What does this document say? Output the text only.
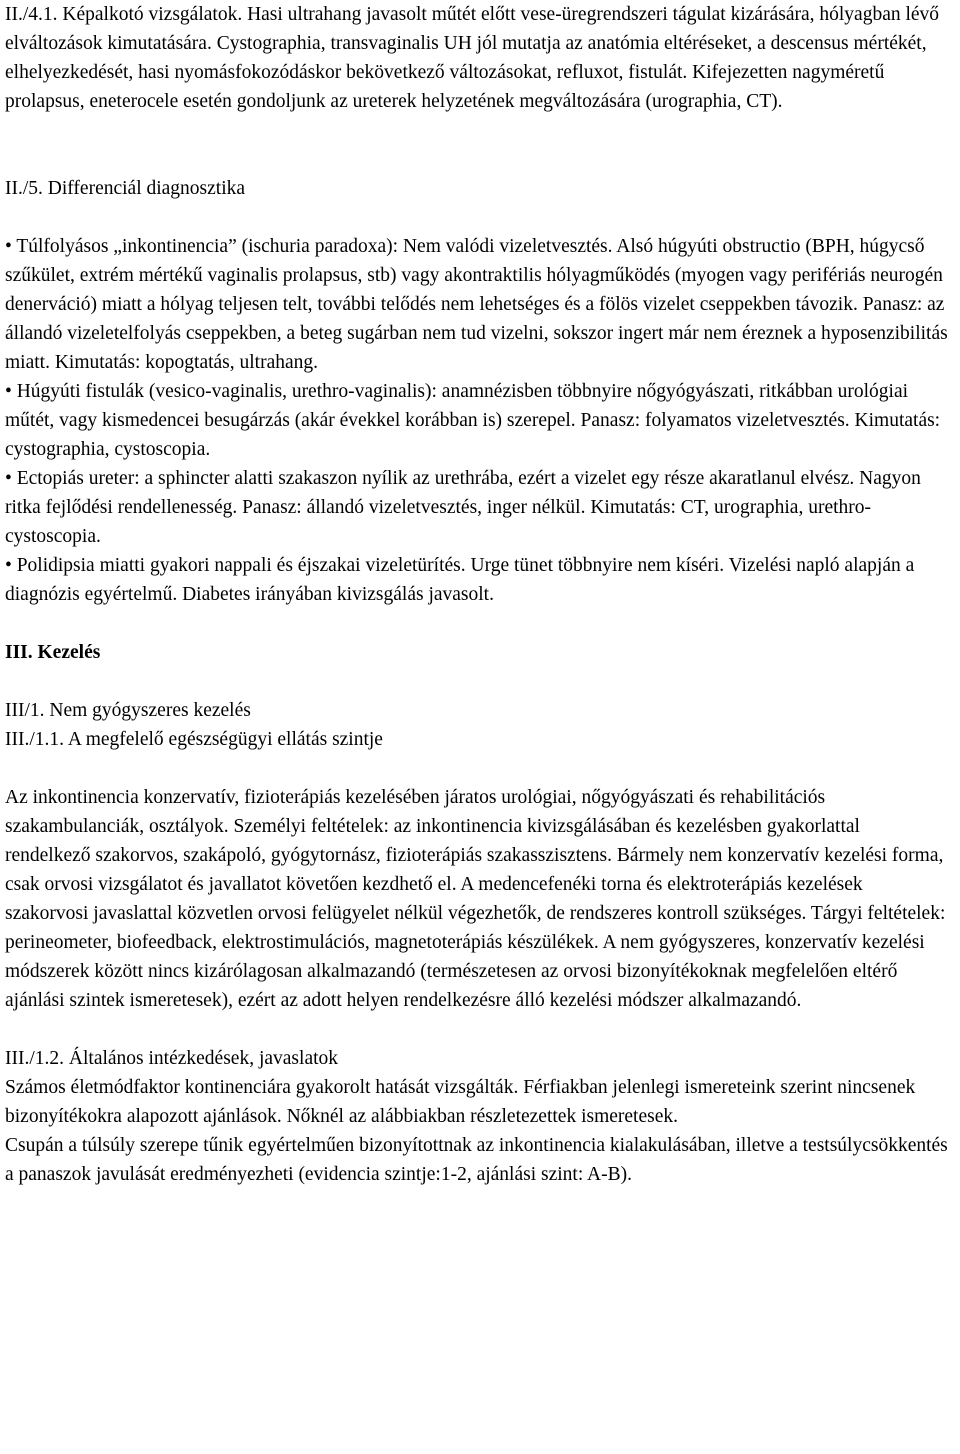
II./4.1. Képalkotó vizsgálatok. Hasi ultrahang javasolt műtét előtt vese-üregrendszeri tágulat kizárására, hólyagban lévő elváltozások kimutatására. Cystographia, transvaginalis UH jól mutatja az anatómia eltéréseket, a descensus mértékét, elhelyezkedését, hasi nyomásfokozódáskor bekövetkező változásokat, refluxot, fistulát. Kifejezetten nagyméretű prolapsus, eneterocele esetén gondoljunk az ureterek helyzetének megváltozására (urographia, CT).

II./5. Differenciál diagnosztika

• Túlfolyásos „inkontinencia” (ischuria paradoxa): Nem valódi vizeletvesztés. Alsó húgyúti obstructio (BPH, húgycső szűkület, extrém mértékű vaginalis prolapsus, stb) vagy akontraktilis hólyagműködés (myogen vagy perifériás neurogén denerváció) miatt a hólyag teljesen telt, további telődés nem lehetséges és a fölös vizelet cseppekben távozik. Panasz: az állandó vizeletelfolyás cseppekben, a beteg sugárban nem tud vizelni, sokszor ingert már nem éreznek a hyposenzibilitás miatt. Kimutatás: kopogtatás, ultrahang.

• Húgyúti fistulák (vesico-vaginalis, urethro-vaginalis): anamnézisben többnyire nőgyógyászati, ritkábban urológiai műtét, vagy kismedencei besugárzás (akár évekkel korábban is) szerepel. Panasz: folyamatos vizeletvesztés. Kimutatás: cystographia, cystoscopia.

• Ectopiás ureter: a sphincter alatti szakaszon nyílik az urethrába, ezért a vizelet egy része akaratlanul elvész. Nagyon ritka fejlődési rendellenesség. Panasz: állandó vizeletvesztés, inger nélkül. Kimutatás: CT, urographia, urethro-cystoscopia.

• Polidipsia miatti gyakori nappali és éjszakai vizeletürítés. Urge tünet többnyire nem kíséri. Vizelési napló alapján a diagnózis egyértelmű. Diabetes irányában kivizsgálás javasolt.

III. Kezelés

III/1. Nem gyógyszeres kezelés

III./1.1. A megfelelő egészségügyi ellátás szintje

Az inkontinencia konzervatív, fizioterápiás kezelésében járatos urológiai, nőgyógyászati és rehabilitációs szakambulanciák, osztályok. Személyi feltételek: az inkontinencia kivizsgálásában és kezelésben gyakorlattal rendelkező szakorvos, szakápoló, gyógytornász, fizioterápiás szakasszisztens. Bármely nem konzervatív kezelési forma, csak orvosi vizsgálatot és javallatot követően kezdhető el. A medencefenéki torna és elektroterápiás kezelések szakorvosi javaslattal közvetlen orvosi felügyelet nélkül végezhetők, de rendszeres kontroll szükséges. Tárgyi feltételek: perineometer, biofeedback, elektrostimulációs, magnetoterápiás készülékek. A nem gyógyszeres, konzervatív kezelési módszerek között nincs kizárólagosan alkalmazandó (természetesen az orvosi bizonyítékoknak megfelelően eltérő ajánlási szintek ismeretesek), ezért az adott helyen rendelkezésre álló kezelési módszer alkalmazandó.

III./1.2. Általános intézkedések, javaslatok

Számos életmódfaktor kontinenciára gyakorolt hatását vizsgálták. Férfiakban jelenlegi ismereteink szerint nincsenek bizonyítékokra alapozott ajánlások. Nőknél az alábbiakban részletezettek ismeretesek.

Csupán a túlsúly szerepe tűnik egyértelműen bizonyítottnak az inkontinencia kialakulásában, illetve a testsúlycsökkentés a panaszok javulását eredményezheti (evidencia szintje:1-2, ajánlási szint: A-B).
